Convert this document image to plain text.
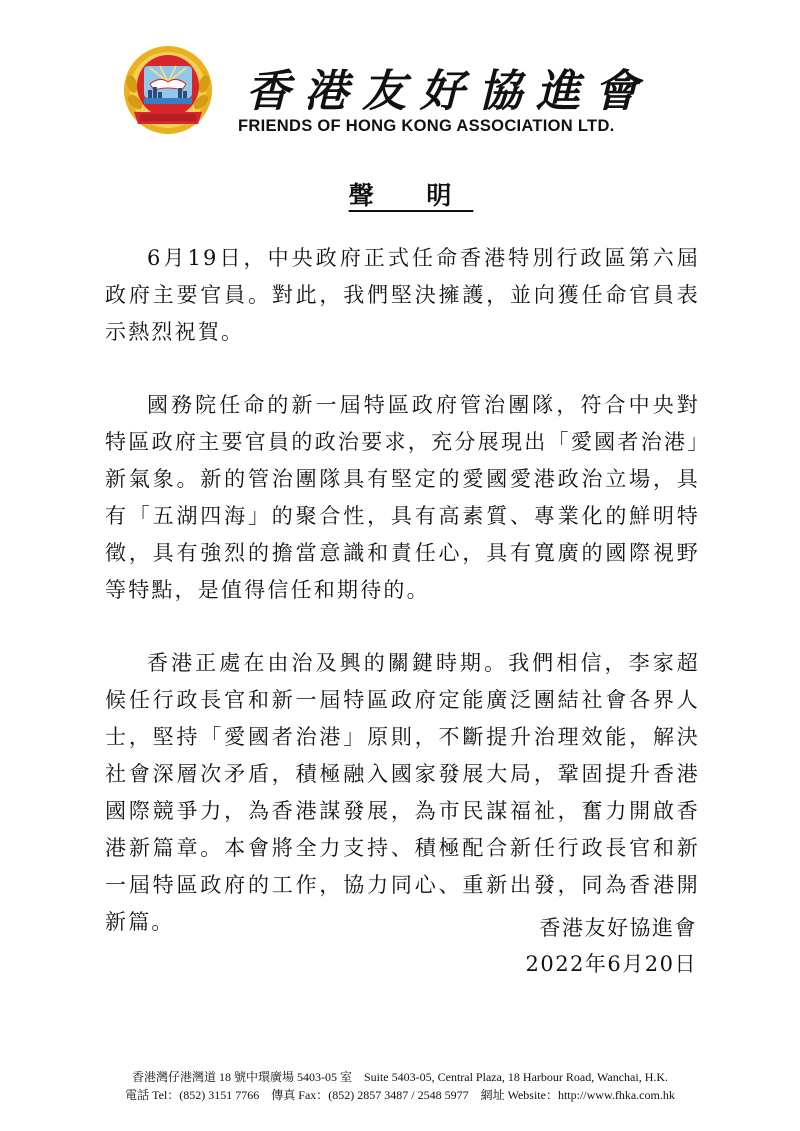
香港友好協進會
FRIENDS OF HONG KONG ASSOCIATION LTD.
聲 明

6月19日，中央政府正式任命香港特別行政區第六屆政府主要官員。對此，我們堅決擁護，並向獲任命官員表示熱烈祝賀。

國務院任命的新一屆特區政府管治團隊，符合中央對特區政府主要官員的政治要求，充分展現出「愛國者治港」新氣象。新的管治團隊具有堅定的愛國愛港政治立場，具有「五湖四海」的聚合性，具有高素質、專業化的鮮明特徵，具有強烈的擔當意識和責任心，具有寬廣的國際視野等特點，是值得信任和期待的。

香港正處在由治及興的關鍵時期。我們相信，李家超候任行政長官和新一屆特區政府定能廣泛團結社會各界人士，堅持「愛國者治港」原則，不斷提升治理效能，解決社會深層次矛盾，積極融入國家發展大局，鞏固提升香港國際競爭力，為香港謀發展，為市民謀福祉，奮力開啟香港新篇章。本會將全力支持、積極配合新任行政長官和新一屆特區政府的工作，協力同心、重新出發，同為香港開新篇。	香港友好協進會
2022年6月20日
香港灣仔港灣道 18 號中環廣場 5403-05 室　Suite 5403-05, Central Plaza, 18 Harbour Road, Wanchai, H.K.
電話 Tel：(852) 3151 7766　傳真 Fax：(852) 2857 3487 / 2548 5977　網址 Website：http://www.fhka.com.hk
